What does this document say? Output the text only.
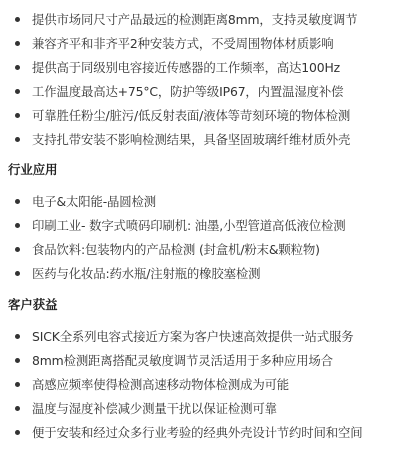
提供市场同尺寸产品最远的检测距离8mm，支持灵敏度调节
兼容齐平和非齐平2种安装方式，不受周围物体材质影响
提供高于同级别电容接近传感器的工作频率，高达100Hz
工作温度最高达+75°C，防护等级IP67，内置温湿度补偿
可靠胜任粉尘/脏污/低反射表面/液体等苛刻环境的物体检测
支持扎带安装不影响检测结果，具备坚固玻璃纤维材质外壳
行业应用
电子&太阳能-晶圆检测
印刷工业- 数字式喷码印刷机: 油墨,小型管道高低液位检测
食品饮料:包装物内的产品检测 (封盒机/粉末&颗粒物)
医药与化妆品:药水瓶/注射瓶的橡胶塞检测
客户获益
SICK全系列电容式接近方案为客户快速高效提供一站式服务
8mm检测距离搭配灵敏度调节灵活适用于多种应用场合
高感应频率使得检测高速移动物体检测成为可能
温度与湿度补偿减少测量干扰以保证检测可靠
便于安装和经过众多行业考验的经典外壳设计节约时间和空间
